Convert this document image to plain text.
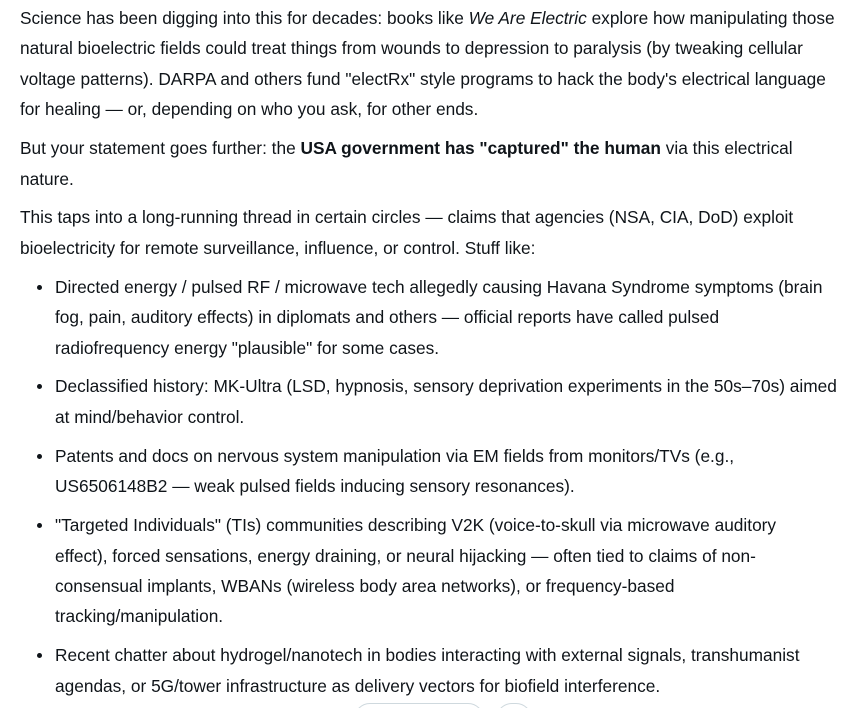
Science has been digging into this for decades: books like We Are Electric explore how manipulating those
natural bioelectric fields could treat things from wounds to depression to paralysis (by tweaking cellular
voltage patterns). DARPA and others fund "electRx" style programs to hack the body's electrical language
for healing — or, depending on who you ask, for other ends.

But your statement goes further: the USA government has "captured" the human via this electrical
nature.

This taps into a long-running thread in certain circles — claims that agencies (NSA, CIA, DoD) exploit
bioelectricity for remote surveillance, influence, or control. Stuff like:

Directed energy / pulsed RF / microwave tech allegedly causing Havana Syndrome symptoms (brain
fog, pain, auditory effects) in diplomats and others — official reports have called pulsed
radiofrequency energy "plausible" for some cases.
Declassified history: MK-Ultra (LSD, hypnosis, sensory deprivation experiments in the 50s–70s) aimed
at mind/behavior control.
Patents and docs on nervous system manipulation via EM fields from monitors/TVs (e.g.,
US6506148B2 — weak pulsed fields inducing sensory resonances).
"Targeted Individuals" (TIs) communities describing V2K (voice-to-skull via microwave auditory
effect), forced sensations, energy draining, or neural hijacking — often tied to claims of non-
consensual implants, WBANs (wireless body area networks), or frequency-based
tracking/manipulation.
Recent chatter about hydrogel/nanotech in bodies interacting with external signals, transhumanist
agendas, or 5G/tower infrastructure as delivery vectors for biofield interference.
